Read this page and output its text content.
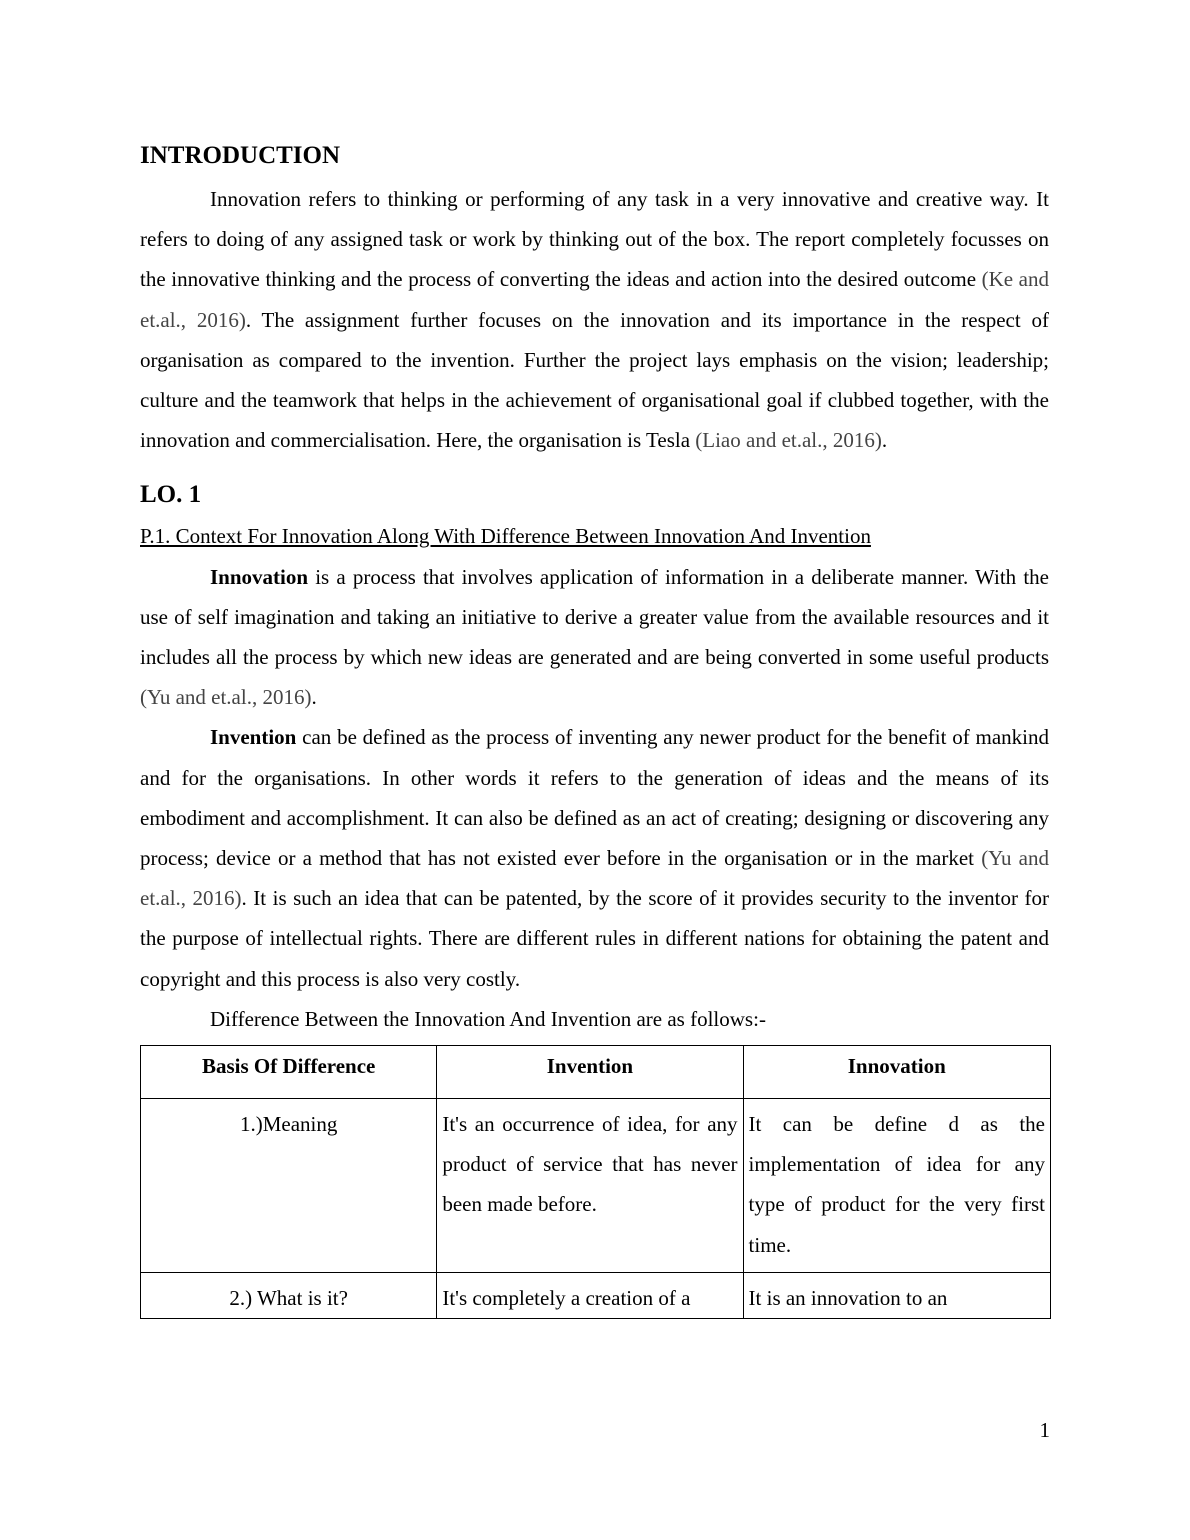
INTRODUCTION

Innovation refers to thinking or performing of any task in a very innovative and creative way. It refers to doing of any assigned task or work by thinking out of the box. The report completely focusses on the innovative thinking and the process of converting the ideas and action into the desired outcome (Ke and et.al., 2016). The assignment further focuses on the innovation and its importance in the respect of organisation as compared to the invention. Further the project lays emphasis on the vision; leadership; culture and the teamwork that helps in the achievement of organisational goal if clubbed together, with the innovation and commercialisation. Here, the organisation is Tesla (Liao and et.al., 2016).

LO. 1
P.1. Context For Innovation Along With Difference Between Innovation And Invention

Innovation is a process that involves application of information in a deliberate manner. With the use of self imagination and taking an initiative to derive a greater value from the available resources and it includes all the process by which new ideas are generated and are being converted in some useful products (Yu and et.al., 2016).

Invention can be defined as the process of inventing any newer product for the benefit of mankind and for the organisations. In other words it refers to the generation of ideas and the means of its embodiment and accomplishment. It can also be defined as an act of creating; designing or discovering any process; device or a method that has not existed ever before in the organisation or in the market (Yu and et.al., 2016). It is such an idea that can be patented, by the score of it provides security to the inventor for the purpose of intellectual rights. There are different rules in different nations for obtaining the patent and copyright and this process is also very costly.

Difference Between the Innovation And Invention are as follows:-

Basis Of Difference	Invention	Innovation
1.)Meaning	It's an occurrence of idea, for any product of service that has never been made before.	It can be define d as the implementation of idea for any type of product for the very first time.
2.) What is it?	It's completely a creation of a	It is an innovation to an
1
